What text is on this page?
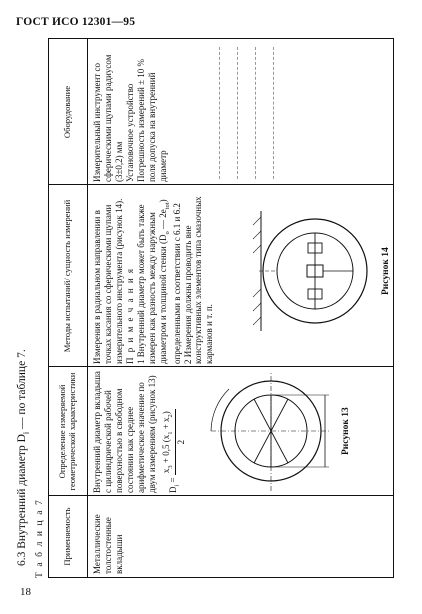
ГОСТ ИСО 12301—95
18
6.3 Внутренний диаметр $D_i$ — по таблице 7.
Т а б л и ц а 7	Применяемость
Определение измеряемой геометрической характеристики
Методы испытаний/ сущность измерений
Оборудование
Металлические толстостенные вкладыши

Внутренний диаметр вкладыша с цилиндрической рабочей поверхностью в свободном состоянии как среднее арифметическое значение по двум измерениям (рисунок 13)	$D_i$ =
$x_3 + 0,5$ $(x_1 + x_2)$
2

Измерения в радиальном направлении в точках касания со сферическими щупами измерительного инструмента (рисунок 14). П р и м е ч а н и я 1 Внутренний диаметр может быть также измерен как разность между наружным диаметром и толщиной стенки ($D_o$ — $2e_{tot}$) определенными в соответствии с 6.1 и 6.2 2 Измерения должны проводить вне конструктивных элементов типа смазочных карманов и т. п.

Измерительный инструмент со сферическими щупами радиусом (3±0,2) мм Установочное устройство Погрешность измерений ± 10 % поля допуска на внутренний диаметр

Рисунок 13
Рисунок 14
